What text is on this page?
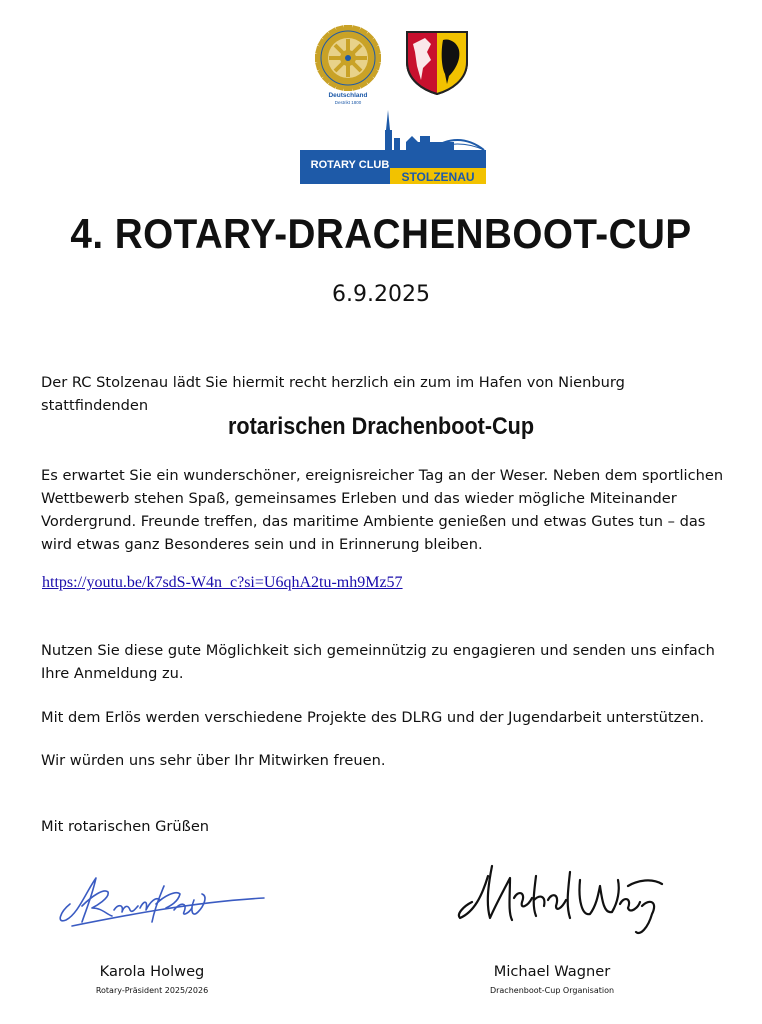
Deutschland
Destrikt 1800
ROTARY CLUB
STOLZENAU
4. ROTARY-DRACHENBOOT-CUP
6.9.2025
Der RC Stolzenau lädt Sie hiermit recht herzlich ein zum im Hafen von Nienburg stattfindenden
rotarischen Drachenboot-Cup
Es erwartet Sie ein wunderschöner, ereignisreicher Tag an der Weser. Neben dem sportlichen Wettbewerb stehen Spaß, gemeinsames Erleben und das wieder mögliche Miteinander Vordergrund. Freunde treffen, das maritime Ambiente genießen und etwas Gutes tun – das wird etwas ganz Besonderes sein und in Erinnerung bleiben.
https://youtu.be/k7sdS-W4n_c?si=U6qhA2tu-mh9Mz57
Nutzen Sie diese gute Möglichkeit sich gemeinnützig zu engagieren und senden uns einfach Ihre Anmeldung zu.
Mit dem Erlös werden verschiedene Projekte des DLRG und der Jugendarbeit unterstützen.
Wir würden uns sehr über Ihr Mitwirken freuen.
Mit rotarischen Grüßen
Karola Holweg
Rotary-Präsident 2025/2026
Michael Wagner
Drachenboot-Cup Organisation
